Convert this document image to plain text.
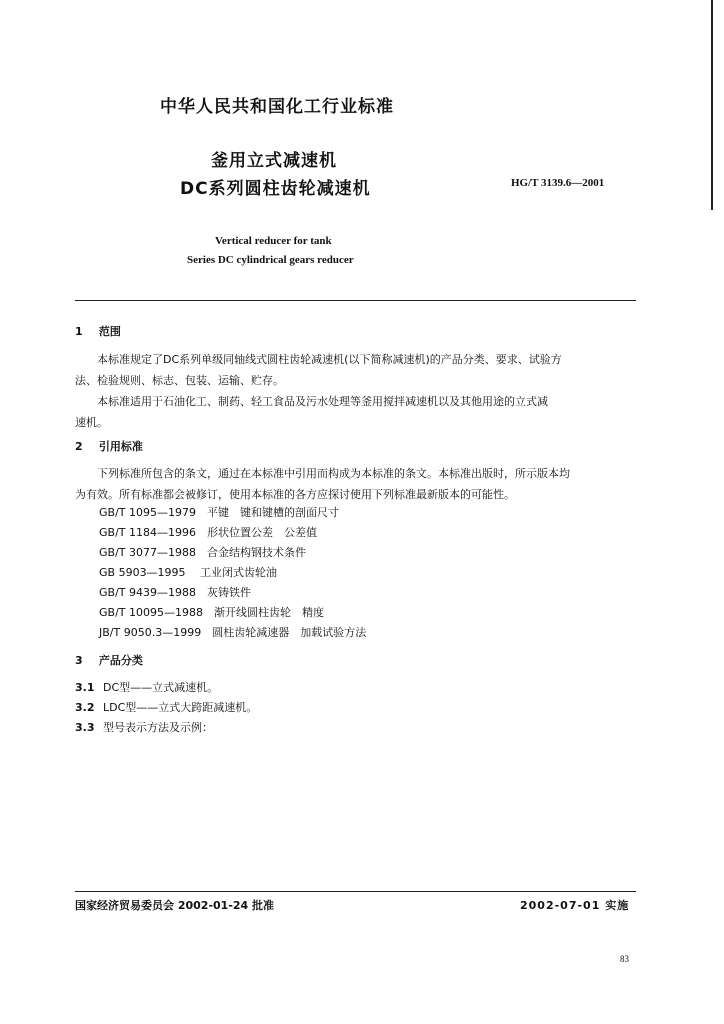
中华人民共和国化工行业标准
釜用立式减速机
DC系列圆柱齿轮减速机	HG/T 3139.6—2001
Vertical reducer for tank
Series DC cylindrical gears reducer
1 范围
本标准规定了DC系列单级同轴线式圆柱齿轮减速机(以下简称减速机)的产品分类、要求、试验方
法、检验规则、标志、包装、运输、贮存。
本标准适用于石油化工、制药、轻工食品及污水处理等釜用搅拌减速机以及其他用途的立式减
速机。
2 引用标准
下列标准所包含的条文，通过在本标准中引用而构成为本标准的条文。本标准出版时，所示版本均
为有效。所有标准都会被修订，使用本标准的各方应探讨使用下列标准最新版本的可能性。
GB/T 1095—1979　 平键　键和键槽的剖面尺寸
GB/T 1184—1996　 形状位置公差　公差值
GB/T 3077—1988　 合金结构钢技术条件
GB 5903—1995　 工业闭式齿轮油
GB/T 9439—1988　 灰铸铁件
GB/T 10095—1988　 渐开线圆柱齿轮　精度
JB/T 9050.3—1999　 圆柱齿轮减速器　加载试验方法
3 产品分类
3.1 DC型——立式减速机。
3.2 LDC型——立式大跨距减速机。
3.3 型号表示方法及示例：
国家经济贸易委员会 2002-01-24 批准	2002-07-01 实施
83
